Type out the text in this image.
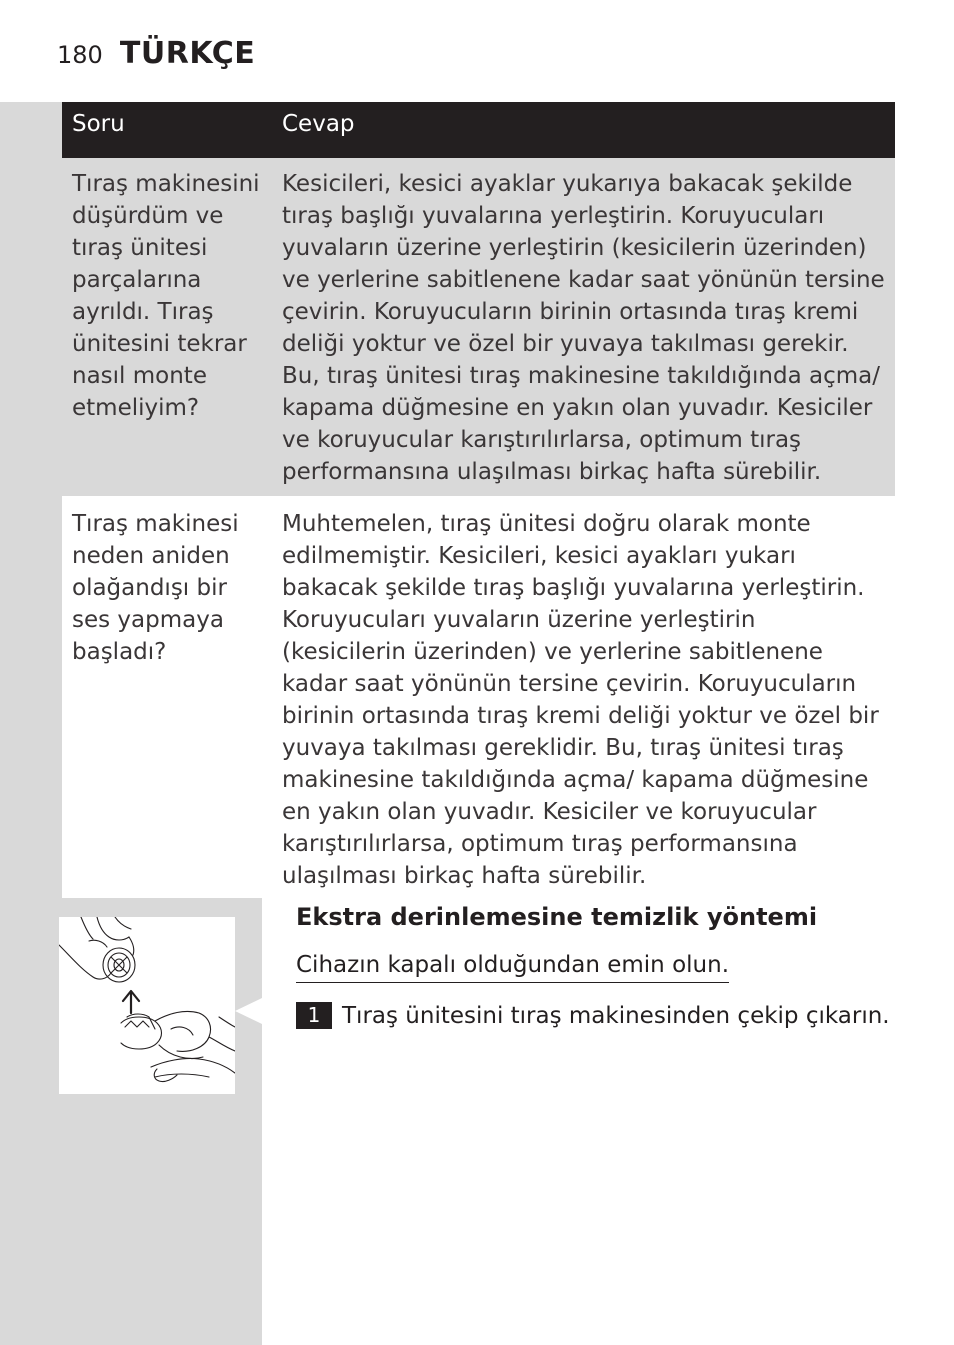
180 TÜRKÇE
Soru	Cevap
Tıraş makinesini düşürdüm ve tıraş ünitesi parçalarına ayrıldı. Tıraş ünitesini tekrar nasıl monte etmeliyim?	Kesicileri, kesici ayaklar yukarıya bakacak şekilde tıraş başlığı yuvalarına yerleştirin. Koruyucuları yuvaların üzerine yerleştirin (kesicilerin üzerinden) ve yerlerine sabitlenene kadar saat yönünün tersine çevirin. Koruyucuların birinin ortasında tıraş kremi deliği yoktur ve özel bir yuvaya takılması gerekir. Bu, tıraş ünitesi tıraş makinesine takıldığında açma/ kapama düğmesine en yakın olan yuvadır. Kesiciler ve koruyucular karıştırılırlarsa, optimum tıraş performansına ulaşılması birkaç hafta sürebilir.
Tıraş makinesi neden aniden olağandışı bir ses yapmaya başladı?	Muhtemelen, tıraş ünitesi doğru olarak monte edilmemiştir. Kesicileri, kesici ayakları yukarı bakacak şekilde tıraş başlığı yuvalarına yerleştirin. Koruyucuları yuvaların üzerine yerleştirin (kesicilerin üzerinden) ve yerlerine sabitlenene kadar saat yönünün tersine çevirin. Koruyucuların birinin ortasında tıraş kremi deliği yoktur ve özel bir yuvaya takılması gereklidir. Bu, tıraş ünitesi tıraş makinesine takıldığında açma/ kapama düğmesine en yakın olan yuvadır. Kesiciler ve koruyucular karıştırılırlarsa, optimum tıraş performansına ulaşılması birkaç hafta sürebilir.
Ekstra derinlemesine temizlik yöntemi
Cihazın kapalı olduğundan emin olun.
1 Tıraş ünitesini tıraş makinesinden çekip çıkarın.
